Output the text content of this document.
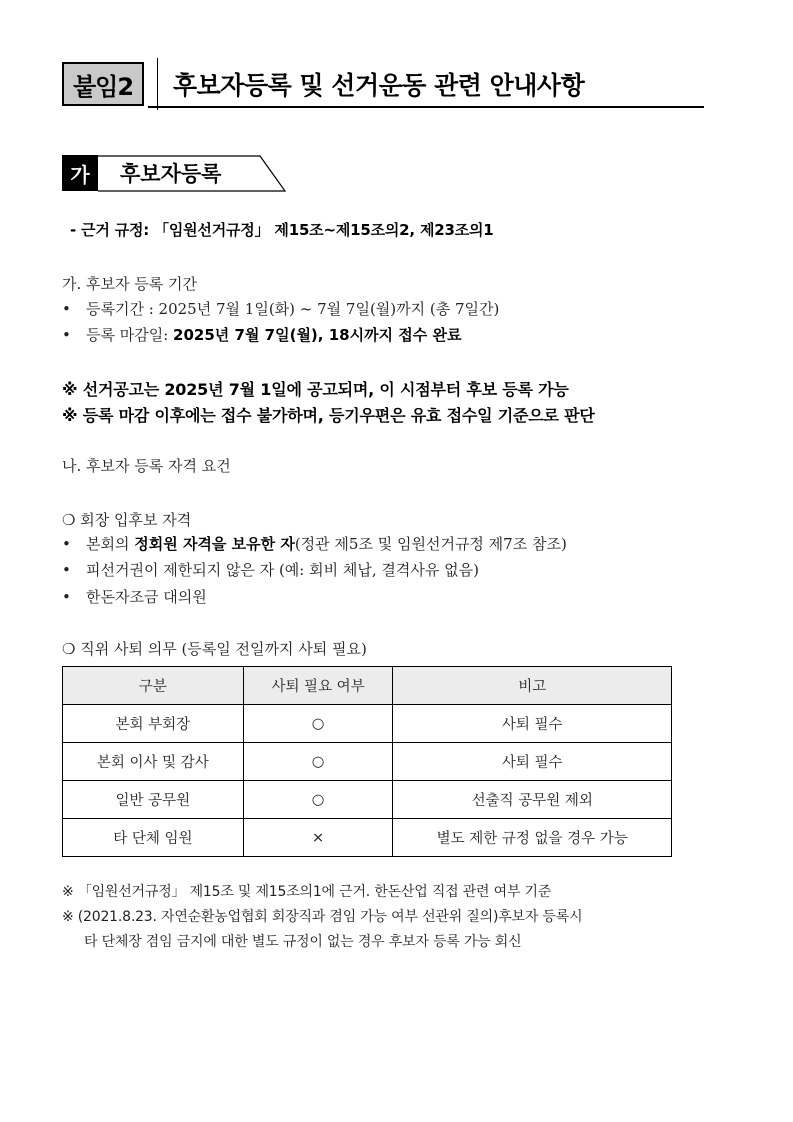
붙임2	후보자등록 및 선거운동 관련 안내사항
가	후보자등록
- 근거 규정: 「임원선거규정」 제15조~제15조의2, 제23조의1
가. 후보자 등록 기간
• 등록기간 : 2025년 7월 1일(화) ~ 7월 7일(월)까지 (총 7일간)
• 등록 마감일: 2025년 7월 7일(월), 18시까지 접수 완료
※ 선거공고는 2025년 7월 1일에 공고되며, 이 시점부터 후보 등록 가능
※ 등록 마감 이후에는 접수 불가하며, 등기우편은 유효 접수일 기준으로 판단
나. 후보자 등록 자격 요건
❍ 회장 입후보 자격
• 본회의 정회원 자격을 보유한 자(정관 제5조 및 임원선거규정 제7조 참조)
• 피선거권이 제한되지 않은 자 (예: 회비 체납, 결격사유 없음)
• 한돈자조금 대의원
❍ 직위 사퇴 의무 (등록일 전일까지 사퇴 필요)
구분	사퇴 필요 여부	비고
본회 부회장	○	사퇴 필수
본회 이사 및 감사	○	사퇴 필수
일반 공무원	○	선출직 공무원 제외
타 단체 임원	×	별도 제한 규정 없을 경우 가능
※ 「임원선거규정」 제15조 및 제15조의1에 근거. 한돈산업 직접 관련 여부 기준
※ (2021.8.23. 자연순환농업협회 회장직과 겸임 가능 여부 선관위 질의)후보자 등록시
타 단체장 겸임 금지에 대한 별도 규정이 없는 경우 후보자 등록 가능 회신
